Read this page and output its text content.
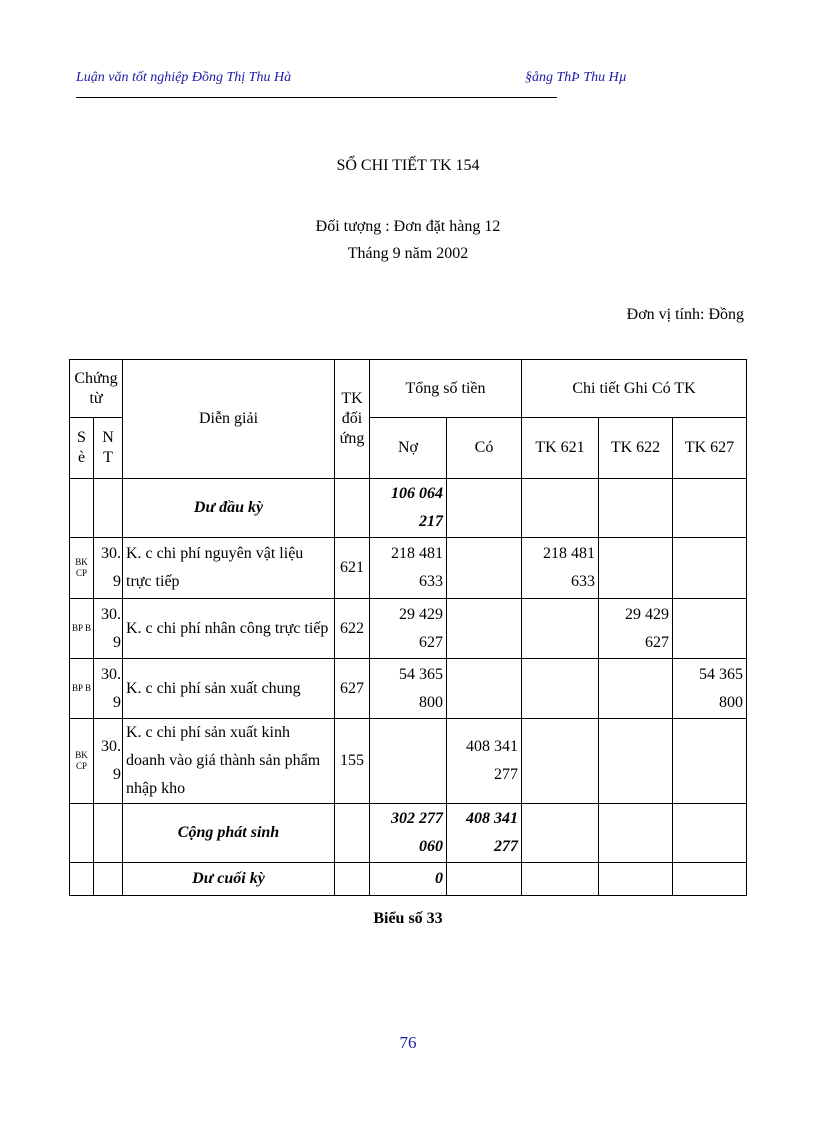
Luận văn tốt nghiệp Đồng Thị Thu Hà	§ång ThÞ Thu Hµ
SỔ CHI TIẾT TK 154
Đối tượng : Đơn đặt hàng 12
Tháng 9 năm 2002
Đơn vị tính: Đồng
Chứng từ		Diễn giải	TK đối ứng	Tổng số tiền		Chi tiết Ghi Có TK		
S è	N T			Nợ	Có	TK 621	TK 622	TK 627
		Dư đầu kỳ		106 064 217				
BK CP	30. 9	K. c chi phí nguyên vật liệu trực tiếp	621	218 481 633		218 481 633		
BP B	30. 9	K. c chi phí nhân công trực tiếp	622	29 429 627			29 429 627	
BP B	30. 9	K. c chi phí sản xuất chung	627	54 365 800				54 365 800
BK CP	30. 9	K. c chi phí sản xuất kinh doanh vào giá thành sản phẩm nhập kho	155		408 341 277			
		Cộng phát sinh		302 277 060	408 341 277			
		Dư cuối kỳ		0				
Biểu số 33
76
